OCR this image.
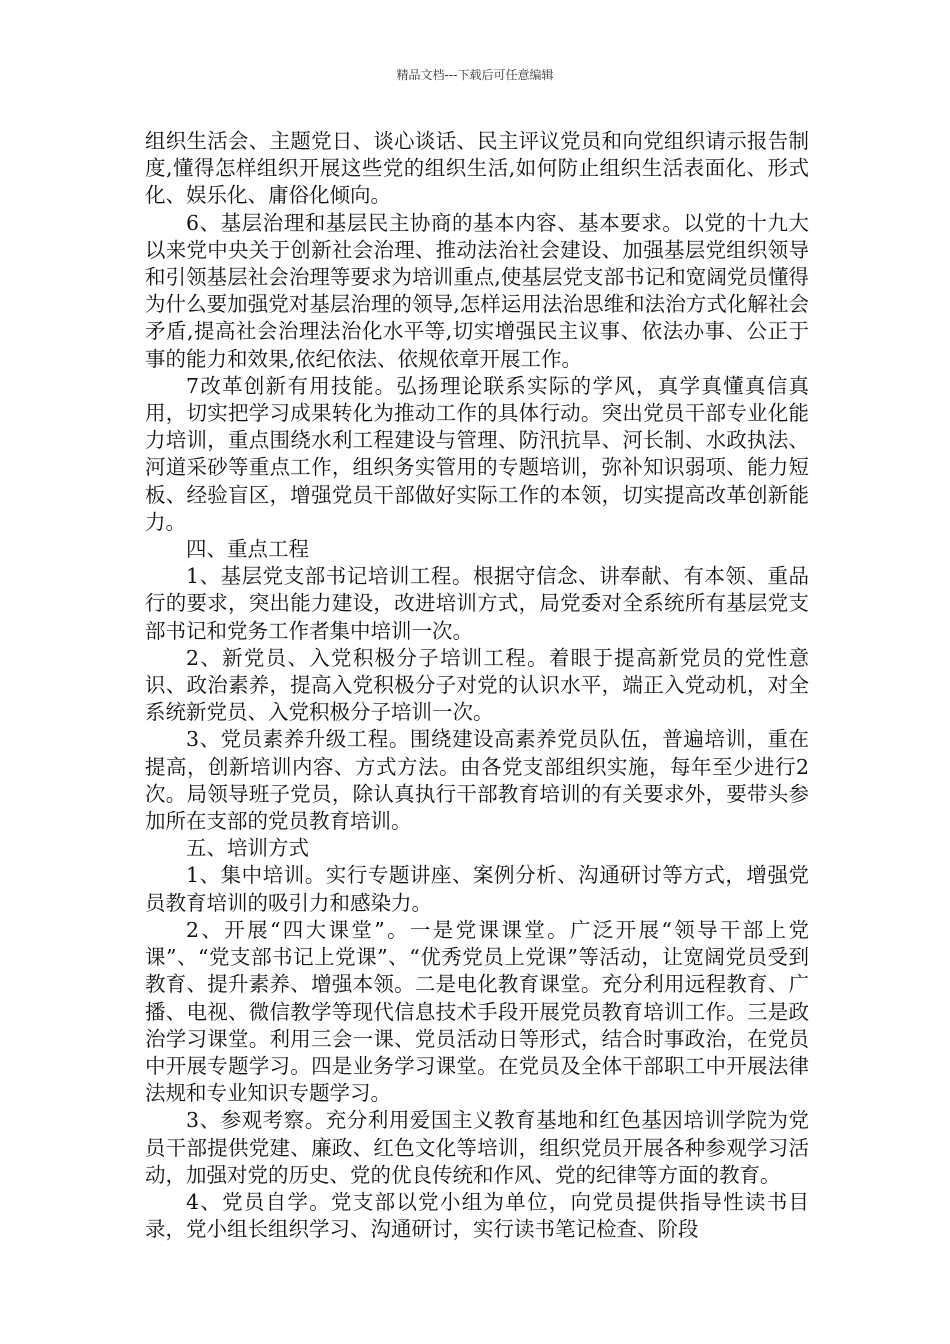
精品文档---下载后可任意编辑

组织生活会、主题党日、谈心谈话、民主评议党员和向党组织请示报告制度,懂得怎样组织开展这些党的组织生活,如何防止组织生活表面化、形式化、娱乐化、庸俗化倾向。

6、基层治理和基层民主协商的基本内容、基本要求。以党的十九大以来党中央关于创新社会治理、推动法治社会建设、加强基层党组织领导和引领基层社会治理等要求为培训重点,使基层党支部书记和宽阔党员懂得为什么要加强党对基层治理的领导,怎样运用法治思维和法治方式化解社会矛盾,提高社会治理法治化水平等,切实增强民主议事、依法办事、公正于事的能力和效果,依纪依法、依规依章开展工作。

7改革创新有用技能。弘扬理论联系实际的学风，真学真懂真信真用，切实把学习成果转化为推动工作的具体行动。突出党员干部专业化能力培训，重点围绕水利工程建设与管理、防汛抗旱、河长制、水政执法、河道采砂等重点工作，组织务实管用的专题培训，弥补知识弱项、能力短板、经验盲区，增强党员干部做好实际工作的本领，切实提高改革创新能力。

四、重点工程

1、基层党支部书记培训工程。根据守信念、讲奉献、有本领、重品行的要求，突出能力建设，改进培训方式，局党委对全系统所有基层党支部书记和党务工作者集中培训一次。

2、新党员、入党积极分子培训工程。着眼于提高新党员的党性意识、政治素养，提高入党积极分子对党的认识水平，端正入党动机，对全系统新党员、入党积极分子培训一次。

3、党员素养升级工程。围绕建设高素养党员队伍，普遍培训，重在提高，创新培训内容、方式方法。由各党支部组织实施，每年至少进行2次。局领导班子党员，除认真执行干部教育培训的有关要求外，要带头参加所在支部的党员教育培训。

五、培训方式

1、集中培训。实行专题讲座、案例分析、沟通研讨等方式，增强党员教育培训的吸引力和感染力。

2、开展“四大课堂”。一是党课课堂。广泛开展“领导干部上党课”、“党支部书记上党课”、“优秀党员上党课”等活动，让宽阔党员受到教育、提升素养、增强本领。二是电化教育课堂。充分利用远程教育、广播、电视、微信教学等现代信息技术手段开展党员教育培训工作。三是政治学习课堂。利用三会一课、党员活动日等形式，结合时事政治，在党员中开展专题学习。四是业务学习课堂。在党员及全体干部职工中开展法律法规和专业知识专题学习。

3、参观考察。充分利用爱国主义教育基地和红色基因培训学院为党员干部提供党建、廉政、红色文化等培训，组织党员开展各种参观学习活动，加强对党的历史、党的优良传统和作风、党的纪律等方面的教育。

4、党员自学。党支部以党小组为单位，向党员提供指导性读书目录，党小组长组织学习、沟通研讨，实行读书笔记检查、阶段
